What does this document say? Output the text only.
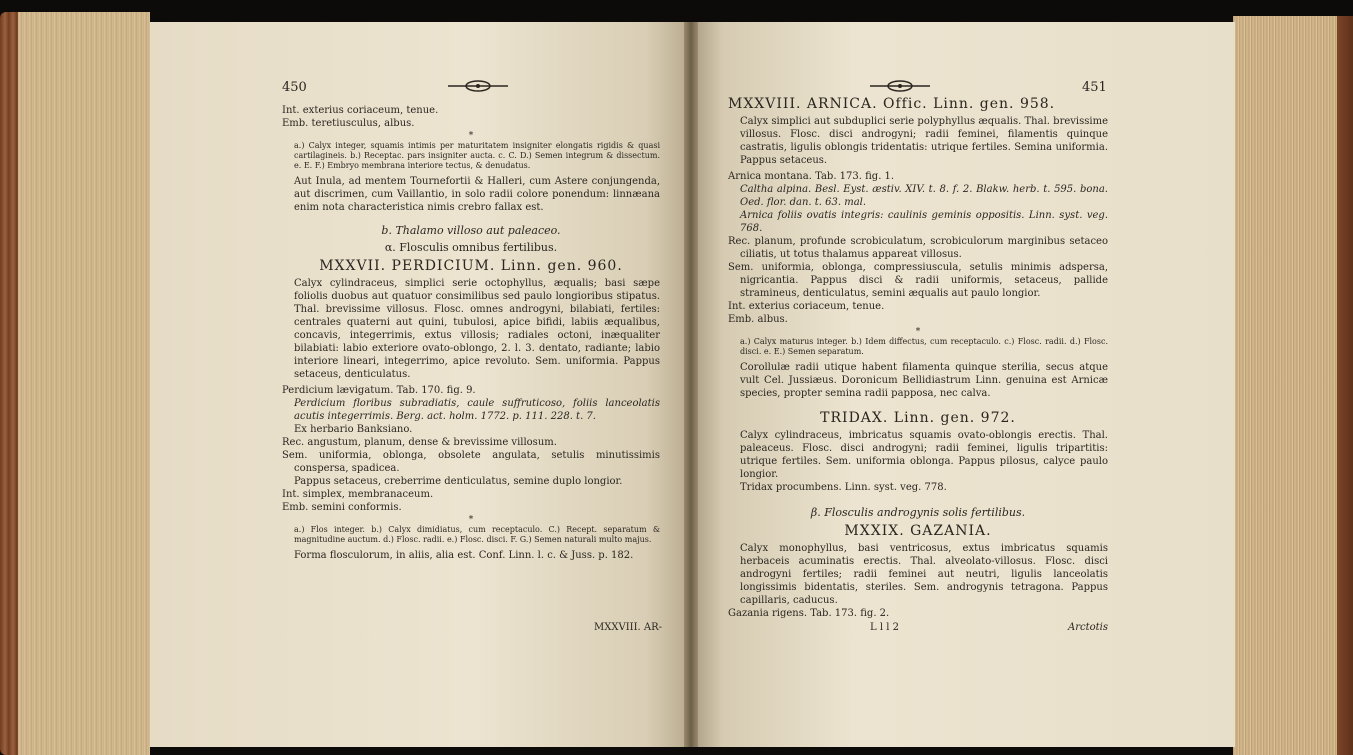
450	451

Int. exterius coriaceum, tenue.

Emb. teretiusculus, albus.

*

a.) Calyx integer, squamis intimis per maturitatem insigniter elongatis rigidis & quasi cartilagineis. b.) Receptac. pars insigniter aucta. c. C. D.) Semen integrum & dissectum. e. E. F.) Embryo membrana interiore tectus, & denudatus.

Aut Inula, ad mentem Tournefortii & Halleri, cum Astere conjungenda, aut discrimen, cum Vaillantio, in solo radii colore ponendum: linnæana enim nota characteristica nimis crebro fallax est.

b. Thalamo villoso aut paleaceo.
α. Flosculis omnibus fertilibus.
MXXVII. PERDICIUM. Linn. gen. 960.

Calyx cylindraceus, simplici serie octophyllus, æqualis; basi sæpe foliolis duobus aut quatuor consimilibus sed paulo longioribus stipatus. Thal. brevissime villosus. Flosc. omnes androgyni, bilabiati, fertiles: centrales quaterni aut quini, tubulosi, apice bifidi, labiis æqualibus, concavis, integerrimis, extus villosis; radiales octoni, inæqualiter bilabiati: labio exteriore ovato-oblongo, 2. l. 3. dentato, radiante; labio interiore lineari, integerrimo, apice revoluto. Sem. uniformia. Pappus setaceus, denticulatus.

Perdicium lævigatum. Tab. 170. fig. 9.

Perdicium floribus subradiatis, caule suffruticoso, foliis lanceolatis acutis integerrimis. Berg. act. holm. 1772. p. 111. 228. t. 7.

Ex herbario Banksiano.

Rec. angustum, planum, dense & brevissime villosum.

Sem. uniformia, oblonga, obsolete angulata, setulis minutissimis conspersa, spadicea.

Pappus setaceus, creberrime denticulatus, semine duplo longior.

Int. simplex, membranaceum.

Emb. semini conformis.

*

a.) Flos integer. b.) Calyx dimidiatus, cum receptaculo. C.) Recept. separatum & magnitudine auctum. d.) Flosc. radii. e.) Flosc. disci. F. G.) Semen naturali multo majus.

Forma flosculorum, in aliis, alia est. Conf. Linn. l. c. & Juss. p. 182.

MXXVIII. AR-
MXXVIII. ARNICA. Offic. Linn. gen. 958.

Calyx simplici aut subduplici serie polyphyllus æqualis. Thal. brevissime villosus. Flosc. disci androgyni; radii feminei, filamentis quinque castratis, ligulis oblongis tridentatis: utrique fertiles. Semina uniformia. Pappus setaceus.

Arnica montana. Tab. 173. fig. 1.

Caltha alpina. Besl. Eyst. æstiv. XIV. t. 8. f. 2. Blakw. herb. t. 595. bona. Oed. flor. dan. t. 63. mal.

Arnica foliis ovatis integris: caulinis geminis oppositis. Linn. syst. veg. 768.

Rec. planum, profunde scrobiculatum, scrobiculorum marginibus setaceo ciliatis, ut totus thalamus appareat villosus.

Sem. uniformia, oblonga, compressiuscula, setulis minimis adspersa, nigricantia. Pappus disci & radii uniformis, setaceus, pallide stramineus, denticulatus, semini æqualis aut paulo longior.

Int. exterius coriaceum, tenue.

Emb. albus.

*

a.) Calyx maturus integer. b.) Idem diffectus, cum receptaculo. c.) Flosc. radii. d.) Flosc. disci. e. E.) Semen separatum.

Corollulæ radii utique habent filamenta quinque sterilia, secus atque vult Cel. Jussiæus. Doronicum Bellidiastrum Linn. genuina est Arnicæ species, propter semina radii papposa, nec calva.

TRIDAX. Linn. gen. 972.

Calyx cylindraceus, imbricatus squamis ovato-oblongis erectis. Thal. paleaceus. Flosc. disci androgyni; radii feminei, ligulis tripartitis: utrique fertiles. Sem. uniformia oblonga. Pappus pilosus, calyce paulo longior.

Tridax procumbens. Linn. syst. veg. 778.

β. Flosculis androgynis solis fertilibus.
MXXIX. GAZANIA.

Calyx monophyllus, basi ventricosus, extus imbricatus squamis herbaceis acuminatis erectis. Thal. alveolato-villosus. Flosc. disci androgyni fertiles; radii feminei aut neutri, ligulis lanceolatis longissimis bidentatis, steriles. Sem. androgynis tetragona. Pappus capillaris, caducus.

Gazania rigens. Tab. 173. fig. 2.

L l l 2	Arctotis
